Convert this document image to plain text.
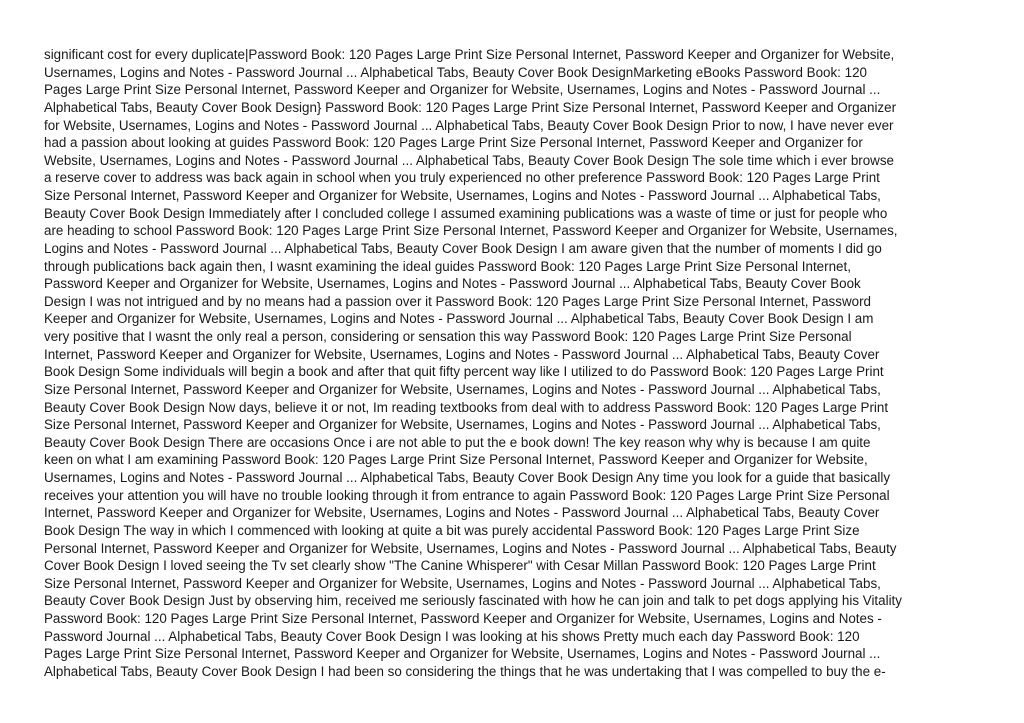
significant cost for every duplicate|Password Book: 120 Pages Large Print Size Personal Internet, Password Keeper and Organizer for Website,
Usernames, Logins and Notes - Password Journal ... Alphabetical Tabs, Beauty Cover Book DesignMarketing eBooks Password Book: 120
Pages Large Print Size Personal Internet, Password Keeper and Organizer for Website, Usernames, Logins and Notes - Password Journal ...
Alphabetical Tabs, Beauty Cover Book Design} Password Book: 120 Pages Large Print Size Personal Internet, Password Keeper and Organizer
for Website, Usernames, Logins and Notes - Password Journal ... Alphabetical Tabs, Beauty Cover Book Design Prior to now, I have never ever
had a passion about looking at guides Password Book: 120 Pages Large Print Size Personal Internet, Password Keeper and Organizer for
Website, Usernames, Logins and Notes - Password Journal ... Alphabetical Tabs, Beauty Cover Book Design The sole time which i ever browse
a reserve cover to address was back again in school when you truly experienced no other preference Password Book: 120 Pages Large Print
Size Personal Internet, Password Keeper and Organizer for Website, Usernames, Logins and Notes - Password Journal ... Alphabetical Tabs,
Beauty Cover Book Design Immediately after I concluded college I assumed examining publications was a waste of time or just for people who
are heading to school Password Book: 120 Pages Large Print Size Personal Internet, Password Keeper and Organizer for Website, Usernames,
Logins and Notes - Password Journal ... Alphabetical Tabs, Beauty Cover Book Design I am aware given that the number of moments I did go
through publications back again then, I wasnt examining the ideal guides Password Book: 120 Pages Large Print Size Personal Internet,
Password Keeper and Organizer for Website, Usernames, Logins and Notes - Password Journal ... Alphabetical Tabs, Beauty Cover Book
Design I was not intrigued and by no means had a passion over it Password Book: 120 Pages Large Print Size Personal Internet, Password
Keeper and Organizer for Website, Usernames, Logins and Notes - Password Journal ... Alphabetical Tabs, Beauty Cover Book Design I am
very positive that I wasnt the only real a person, considering or sensation this way Password Book: 120 Pages Large Print Size Personal
Internet, Password Keeper and Organizer for Website, Usernames, Logins and Notes - Password Journal ... Alphabetical Tabs, Beauty Cover
Book Design Some individuals will begin a book and after that quit fifty percent way like I utilized to do Password Book: 120 Pages Large Print
Size Personal Internet, Password Keeper and Organizer for Website, Usernames, Logins and Notes - Password Journal ... Alphabetical Tabs,
Beauty Cover Book Design Now days, believe it or not, Im reading textbooks from deal with to address Password Book: 120 Pages Large Print
Size Personal Internet, Password Keeper and Organizer for Website, Usernames, Logins and Notes - Password Journal ... Alphabetical Tabs,
Beauty Cover Book Design There are occasions Once i are not able to put the e book down! The key reason why why is because I am quite
keen on what I am examining Password Book: 120 Pages Large Print Size Personal Internet, Password Keeper and Organizer for Website,
Usernames, Logins and Notes - Password Journal ... Alphabetical Tabs, Beauty Cover Book Design Any time you look for a guide that basically
receives your attention you will have no trouble looking through it from entrance to again Password Book: 120 Pages Large Print Size Personal
Internet, Password Keeper and Organizer for Website, Usernames, Logins and Notes - Password Journal ... Alphabetical Tabs, Beauty Cover
Book Design The way in which I commenced with looking at quite a bit was purely accidental Password Book: 120 Pages Large Print Size
Personal Internet, Password Keeper and Organizer for Website, Usernames, Logins and Notes - Password Journal ... Alphabetical Tabs, Beauty
Cover Book Design I loved seeing the Tv set clearly show "The Canine Whisperer" with Cesar Millan Password Book: 120 Pages Large Print
Size Personal Internet, Password Keeper and Organizer for Website, Usernames, Logins and Notes - Password Journal ... Alphabetical Tabs,
Beauty Cover Book Design Just by observing him, received me seriously fascinated with how he can join and talk to pet dogs applying his Vitality
Password Book: 120 Pages Large Print Size Personal Internet, Password Keeper and Organizer for Website, Usernames, Logins and Notes -
Password Journal ... Alphabetical Tabs, Beauty Cover Book Design I was looking at his shows Pretty much each day Password Book: 120
Pages Large Print Size Personal Internet, Password Keeper and Organizer for Website, Usernames, Logins and Notes - Password Journal ...
Alphabetical Tabs, Beauty Cover Book Design I had been so considering the things that he was undertaking that I was compelled to buy the e-
